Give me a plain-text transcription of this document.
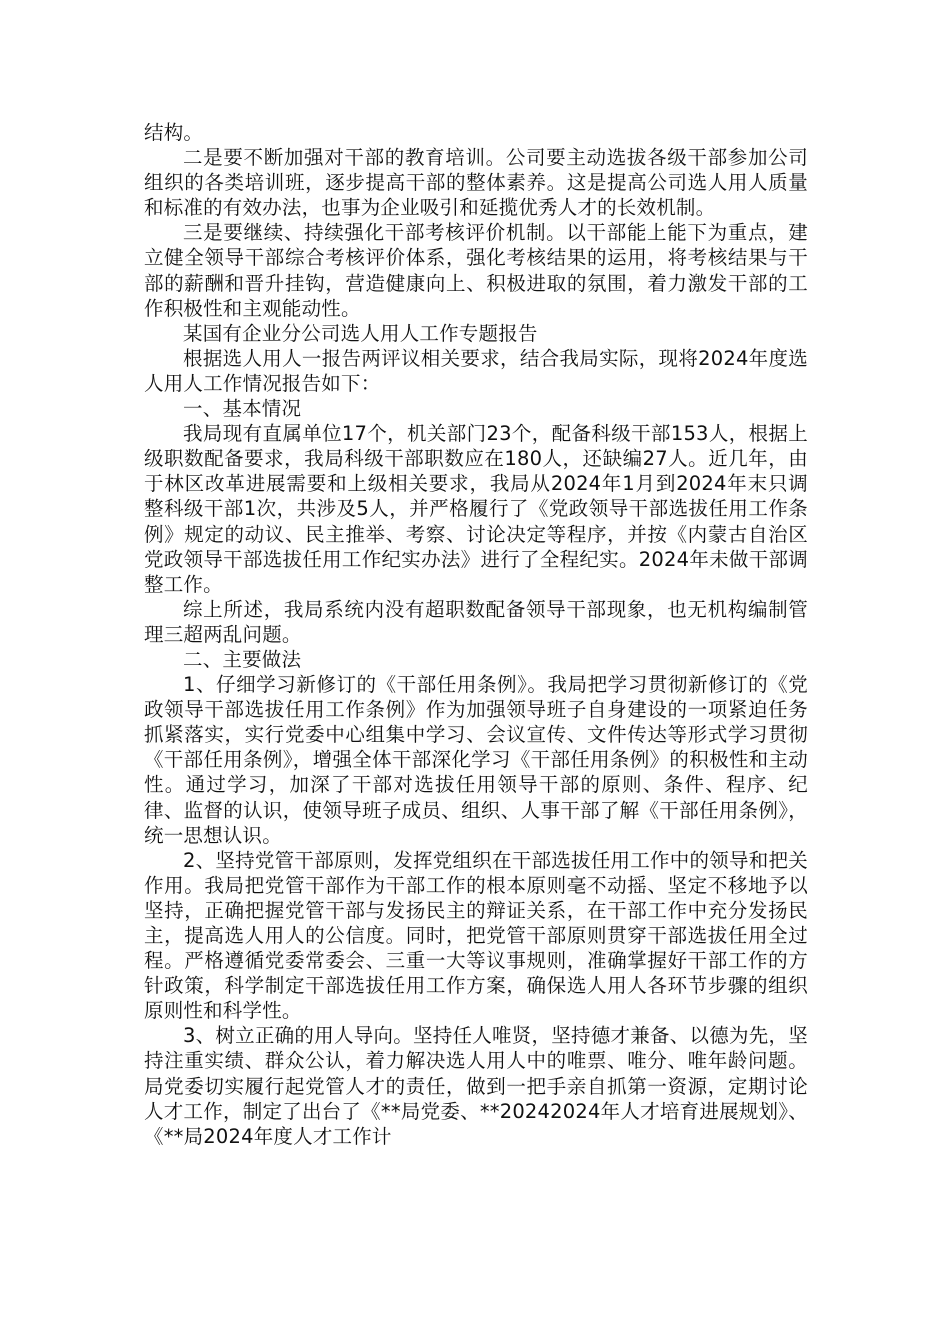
结构。

二是要不断加强对干部的教育培训。公司要主动选拔各级干部参加公司组织的各类培训班，逐步提高干部的整体素养。这是提高公司选人用人质量和标准的有效办法，也事为企业吸引和延揽优秀人才的长效机制。

三是要继续、持续强化干部考核评价机制。以干部能上能下为重点，建立健全领导干部综合考核评价体系，强化考核结果的运用，将考核结果与干部的薪酬和晋升挂钩，营造健康向上、积极进取的氛围，着力激发干部的工作积极性和主观能动性。

某国有企业分公司选人用人工作专题报告

根据选人用人一报告两评议相关要求，结合我局实际，现将2024年度选人用人工作情况报告如下：

一、基本情况

我局现有直属单位17个，机关部门23个，配备科级干部153人，根据上级职数配备要求，我局科级干部职数应在180人，还缺编27人。近几年，由于林区改革进展需要和上级相关要求，我局从2024年1月到2024年末只调整科级干部1次，共涉及5人，并严格履行了《党政领导干部选拔任用工作条例》规定的动议、民主推举、考察、讨论决定等程序，并按《内蒙古自治区党政领导干部选拔任用工作纪实办法》进行了全程纪实。2024年未做干部调整工作。

综上所述，我局系统内没有超职数配备领导干部现象，也无机构编制管理三超两乱问题。

二、主要做法

1、仔细学习新修订的《干部任用条例》。我局把学习贯彻新修订的《党政领导干部选拔任用工作条例》作为加强领导班子自身建设的一项紧迫任务抓紧落实，实行党委中心组集中学习、会议宣传、文件传达等形式学习贯彻《干部任用条例》，增强全体干部深化学习《干部任用条例》的积极性和主动性。通过学习，加深了干部对选拔任用领导干部的原则、条件、程序、纪律、监督的认识，使领导班子成员、组织、人事干部了解《干部任用条例》，统一思想认识。

2、坚持党管干部原则，发挥党组织在干部选拔任用工作中的领导和把关作用。我局把党管干部作为干部工作的根本原则毫不动摇、坚定不移地予以坚持，正确把握党管干部与发扬民主的辩证关系，在干部工作中充分发扬民主，提高选人用人的公信度。同时，把党管干部原则贯穿干部选拔任用全过程。严格遵循党委常委会、三重一大等议事规则，准确掌握好干部工作的方针政策，科学制定干部选拔任用工作方案，确保选人用人各环节步骤的组织原则性和科学性。

3、树立正确的用人导向。坚持任人唯贤，坚持德才兼备、以德为先，坚持注重实绩、群众公认，着力解决选人用人中的唯票、唯分、唯年龄问题。局党委切实履行起党管人才的责任，做到一把手亲自抓第一资源，定期讨论人才工作，制定了出台了《**局党委、**20242024年人才培育进展规划》、《**局2024年度人才工作计
